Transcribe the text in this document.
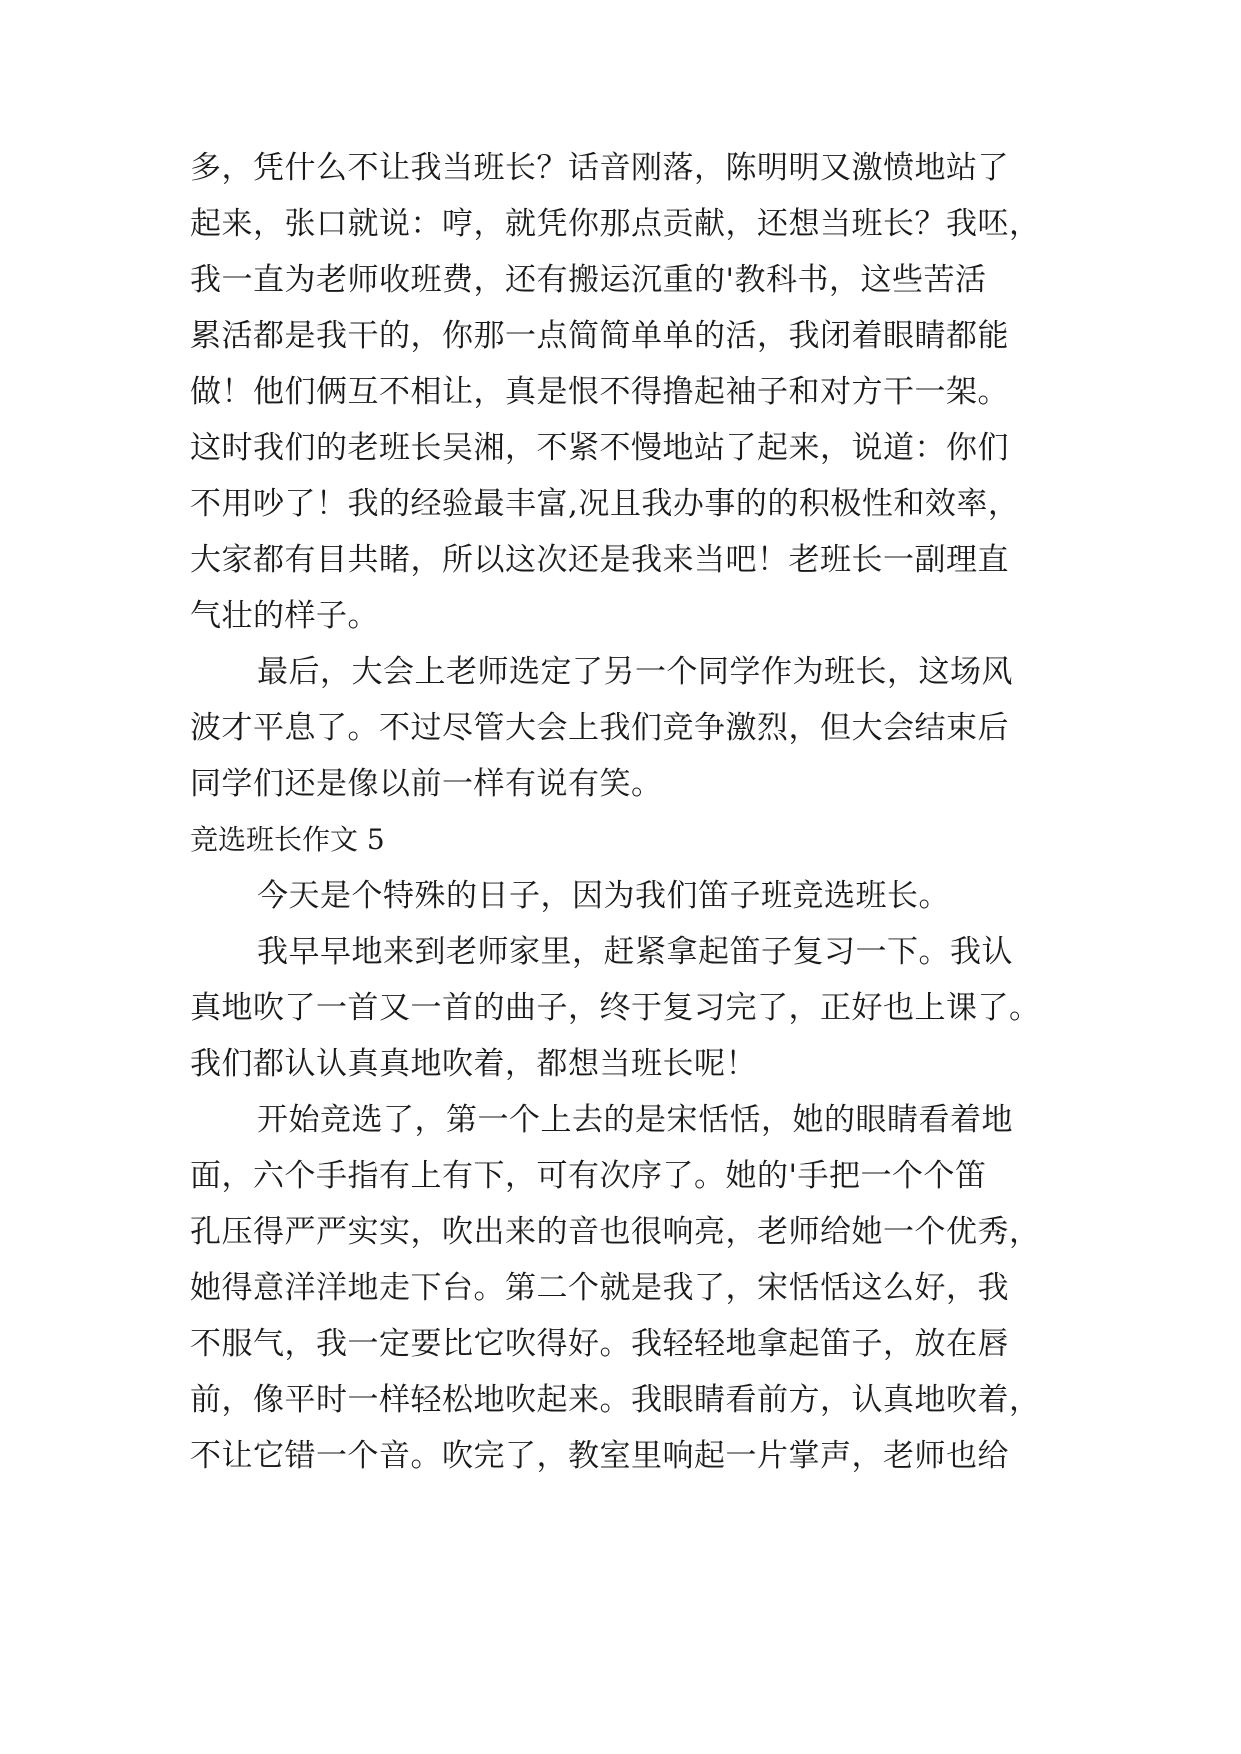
多，凭什么不让我当班长？话音刚落，陈明明又激愤地站了
起来，张口就说：哼，就凭你那点贡献，还想当班长？我呸，
我一直为老师收班费，还有搬运沉重的'教科书，这些苦活
累活都是我干的，你那一点简简单单的活，我闭着眼睛都能
做！他们俩互不相让，真是恨不得撸起袖子和对方干一架。
这时我们的老班长吴湘，不紧不慢地站了起来，说道：你们
不用吵了！我的经验最丰富,况且我办事的的积极性和效率，
大家都有目共睹，所以这次还是我来当吧！老班长一副理直
气壮的样子。
最后，大会上老师选定了另一个同学作为班长，这场风
波才平息了。不过尽管大会上我们竞争激烈，但大会结束后
同学们还是像以前一样有说有笑。
竞选班长作文 5
今天是个特殊的日子，因为我们笛子班竞选班长。
我早早地来到老师家里，赶紧拿起笛子复习一下。我认
真地吹了一首又一首的曲子，终于复习完了，正好也上课了。
我们都认认真真地吹着，都想当班长呢！
开始竞选了，第一个上去的是宋恬恬，她的眼睛看着地
面，六个手指有上有下，可有次序了。她的'手把一个个笛
孔压得严严实实，吹出来的音也很响亮，老师给她一个优秀，
她得意洋洋地走下台。第二个就是我了，宋恬恬这么好，我
不服气，我一定要比它吹得好。我轻轻地拿起笛子，放在唇
前，像平时一样轻松地吹起来。我眼睛看前方，认真地吹着，
不让它错一个音。吹完了，教室里响起一片掌声，老师也给
